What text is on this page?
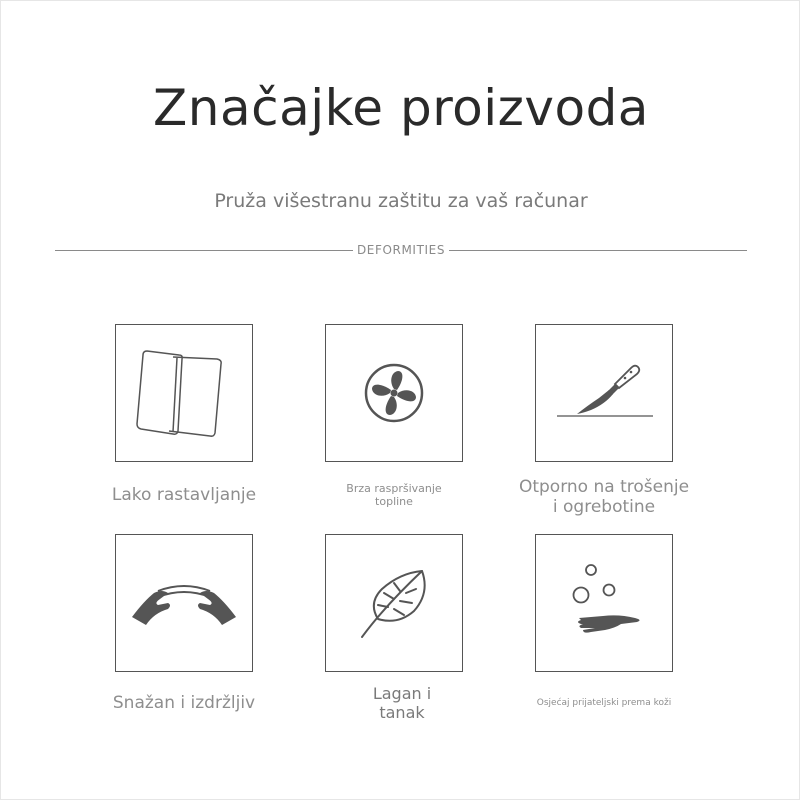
Značajke proizvoda
Pruža višestranu zaštitu za vaš računar
DEFORMITIES
Lako rastavljanje	Brza raspršivanje
topline
Otporno na trošenje
i ogrebotine
Snažan i izdržljiv	Lagan i
tanak
Osjećaj prijateljski prema koži
